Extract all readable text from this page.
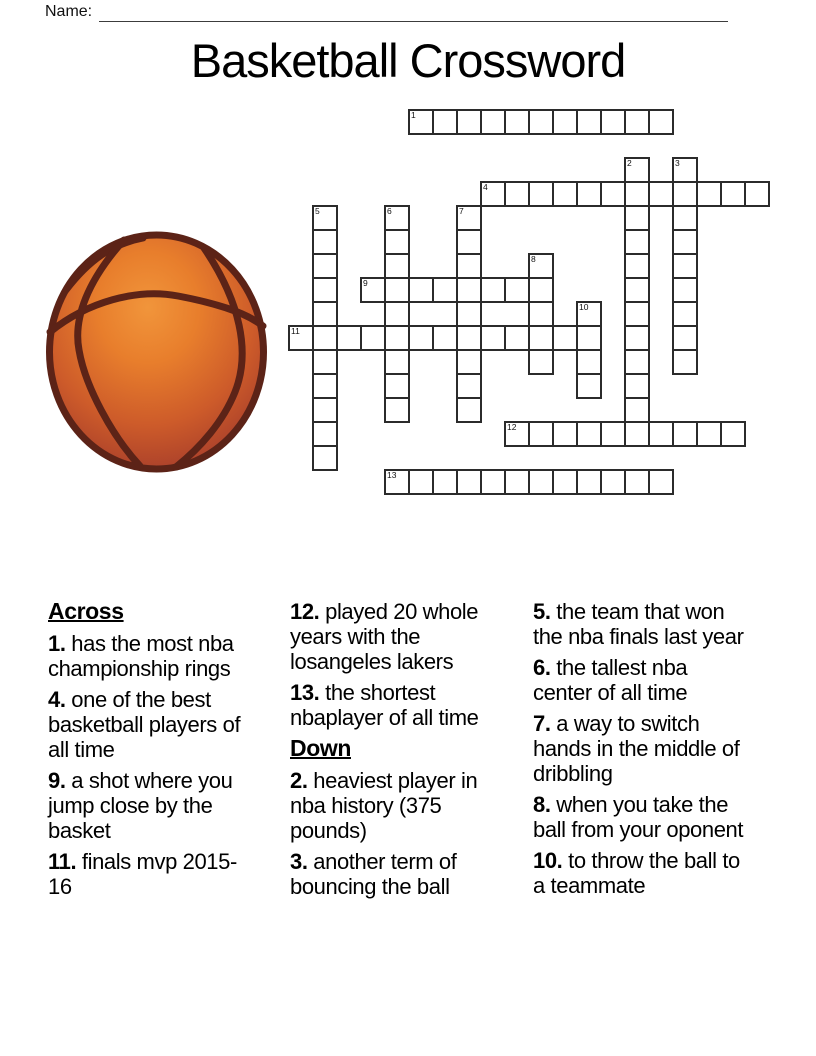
Name:
Basketball Crossword
1
2	3
4
5	6	7
8
9
10
11
12
13
Across

1. has the most nba championship rings

4. one of the best basketball players of all time

9. a shot where you jump close by the basket

11. finals mvp 2015-16

12. played 20 whole years with the losangeles lakers

13. the shortest nbaplayer of all time

Down

2. heaviest player in nba history (375 pounds)

3. another term of bouncing the ball

5. the team that won the nba finals last year

6. the tallest nba center of all time

7. a way to switch hands in the middle of dribbling

8. when you take the ball from your oponent

10. to throw the ball to a teammate
